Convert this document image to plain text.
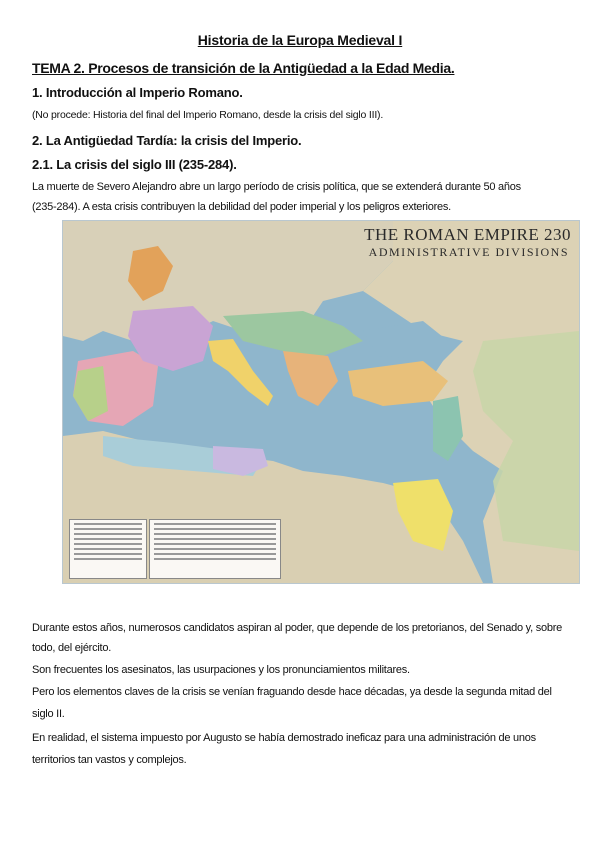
Historia de la Europa Medieval I
TEMA 2. Procesos de transición de la Antigüedad a la Edad Media.
1. Introducción al Imperio Romano.
(No procede: Historia del final del Imperio Romano, desde la crisis del siglo III).
2. La Antigüedad Tardía: la crisis del Imperio.
2.1. La crisis del siglo III (235-284).
La muerte de Severo Alejandro abre un largo período de crisis política, que se extenderá durante 50 años
(235-284). A esta crisis contribuyen la debilidad del poder imperial y los peligros exteriores.
THE ROMAN EMPIRE 230
ADMINISTRATIVE DIVISIONS
Durante estos años, numerosos candidatos aspiran al poder, que depende de los pretorianos, del Senado y, sobre
todo, del ejército.
Son frecuentes los asesinatos, las usurpaciones y los pronunciamientos militares.
Pero los elementos claves de la crisis se venían fraguando desde hace décadas, ya desde la segunda mitad del
siglo II.
En realidad, el sistema impuesto por Augusto se había demostrado ineficaz para una administración de unos
territorios tan vastos y complejos.
